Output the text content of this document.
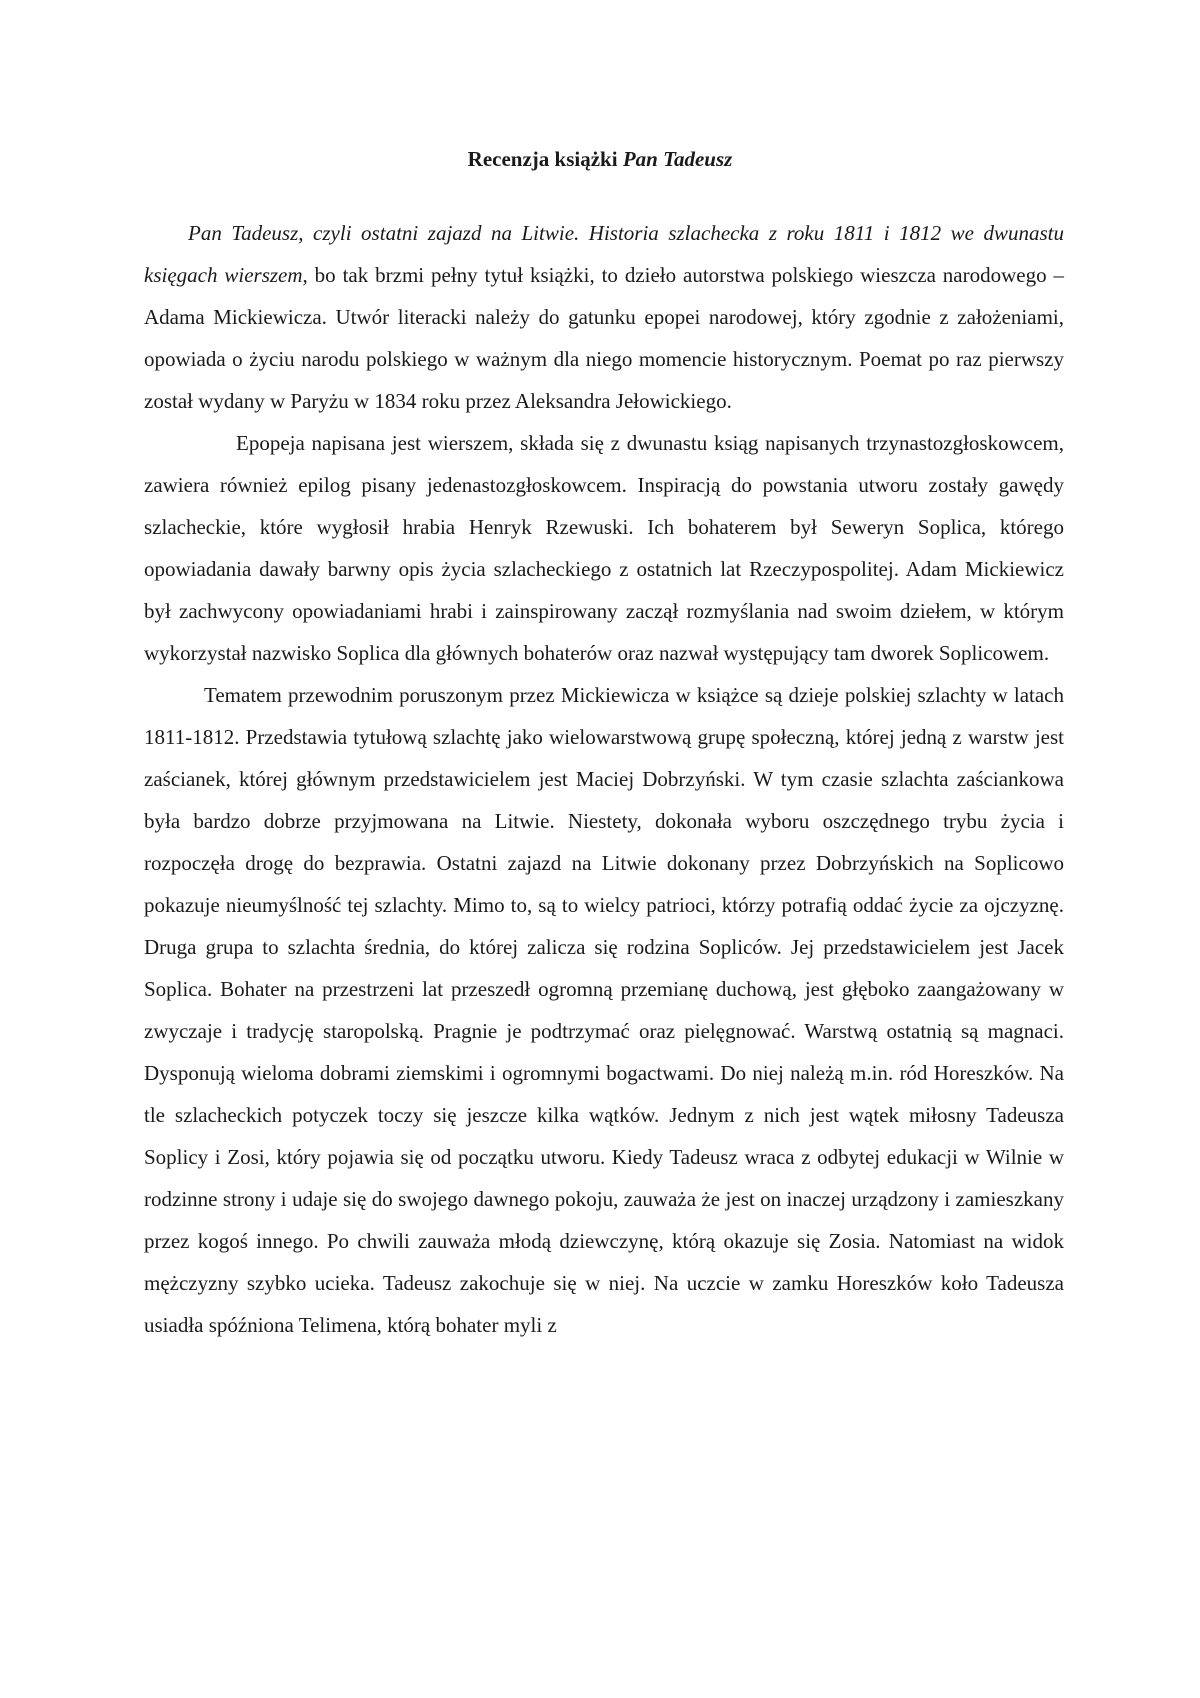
Recenzja książki Pan Tadeusz

Pan Tadeusz, czyli ostatni zajazd na Litwie. Historia szlachecka z roku 1811 i 1812 we dwunastu księgach wierszem, bo tak brzmi pełny tytuł książki, to dzieło autorstwa polskiego wieszcza narodowego – Adama Mickiewicza. Utwór literacki należy do gatunku epopei narodowej, który zgodnie z założeniami, opowiada o życiu narodu polskiego w ważnym dla niego momencie historycznym. Poemat po raz pierwszy został wydany w Paryżu w 1834 roku przez Aleksandra Jełowickiego.

Epopeja napisana jest wierszem, składa się z dwunastu ksiąg napisanych trzynastozgłoskowcem, zawiera również epilog pisany jedenastozgłoskowcem. Inspiracją do powstania utworu zostały gawędy szlacheckie, które wygłosił hrabia Henryk Rzewuski. Ich bohaterem był Seweryn Soplica, którego opowiadania dawały barwny opis życia szlacheckiego z ostatnich lat Rzeczypospolitej. Adam Mickiewicz był zachwycony opowiadaniami hrabi i zainspirowany zaczął rozmyślania nad swoim dziełem, w którym wykorzystał nazwisko Soplica dla głównych bohaterów oraz nazwał występujący tam dworek Soplicowem.

Tematem przewodnim poruszonym przez Mickiewicza w książce są dzieje polskiej szlachty w latach 1811-1812. Przedstawia tytułową szlachtę jako wielowarstwową grupę społeczną, której jedną z warstw jest zaścianek, której głównym przedstawicielem jest Maciej Dobrzyński. W tym czasie szlachta zaściankowa była bardzo dobrze przyjmowana na Litwie. Niestety, dokonała wyboru oszczędnego trybu życia i rozpoczęła drogę do bezprawia. Ostatni zajazd na Litwie dokonany przez Dobrzyńskich na Soplicowo pokazuje nieumyślność tej szlachty. Mimo to, są to wielcy patrioci, którzy potrafią oddać życie za ojczyznę. Druga grupa to szlachta średnia, do której zalicza się rodzina Sopliców. Jej przedstawicielem jest Jacek Soplica. Bohater na przestrzeni lat przeszedł ogromną przemianę duchową, jest głęboko zaangażowany w zwyczaje i tradycję staropolską. Pragnie je podtrzymać oraz pielęgnować. Warstwą ostatnią są magnaci. Dysponują wieloma dobrami ziemskimi i ogromnymi bogactwami. Do niej należą m.in. ród Horeszków. Na tle szlacheckich potyczek toczy się jeszcze kilka wątków. Jednym z nich jest wątek miłosny Tadeusza Soplicy i Zosi, który pojawia się od początku utworu. Kiedy Tadeusz wraca z odbytej edukacji w Wilnie w rodzinne strony i udaje się do swojego dawnego pokoju, zauważa że jest on inaczej urządzony i zamieszkany przez kogoś innego. Po chwili zauważa młodą dziewczynę, którą okazuje się Zosia. Natomiast na widok mężczyzny szybko ucieka. Tadeusz zakochuje się w niej. Na uczcie w zamku Horeszków koło Tadeusza usiadła spóźniona Telimena, którą bohater myli z
